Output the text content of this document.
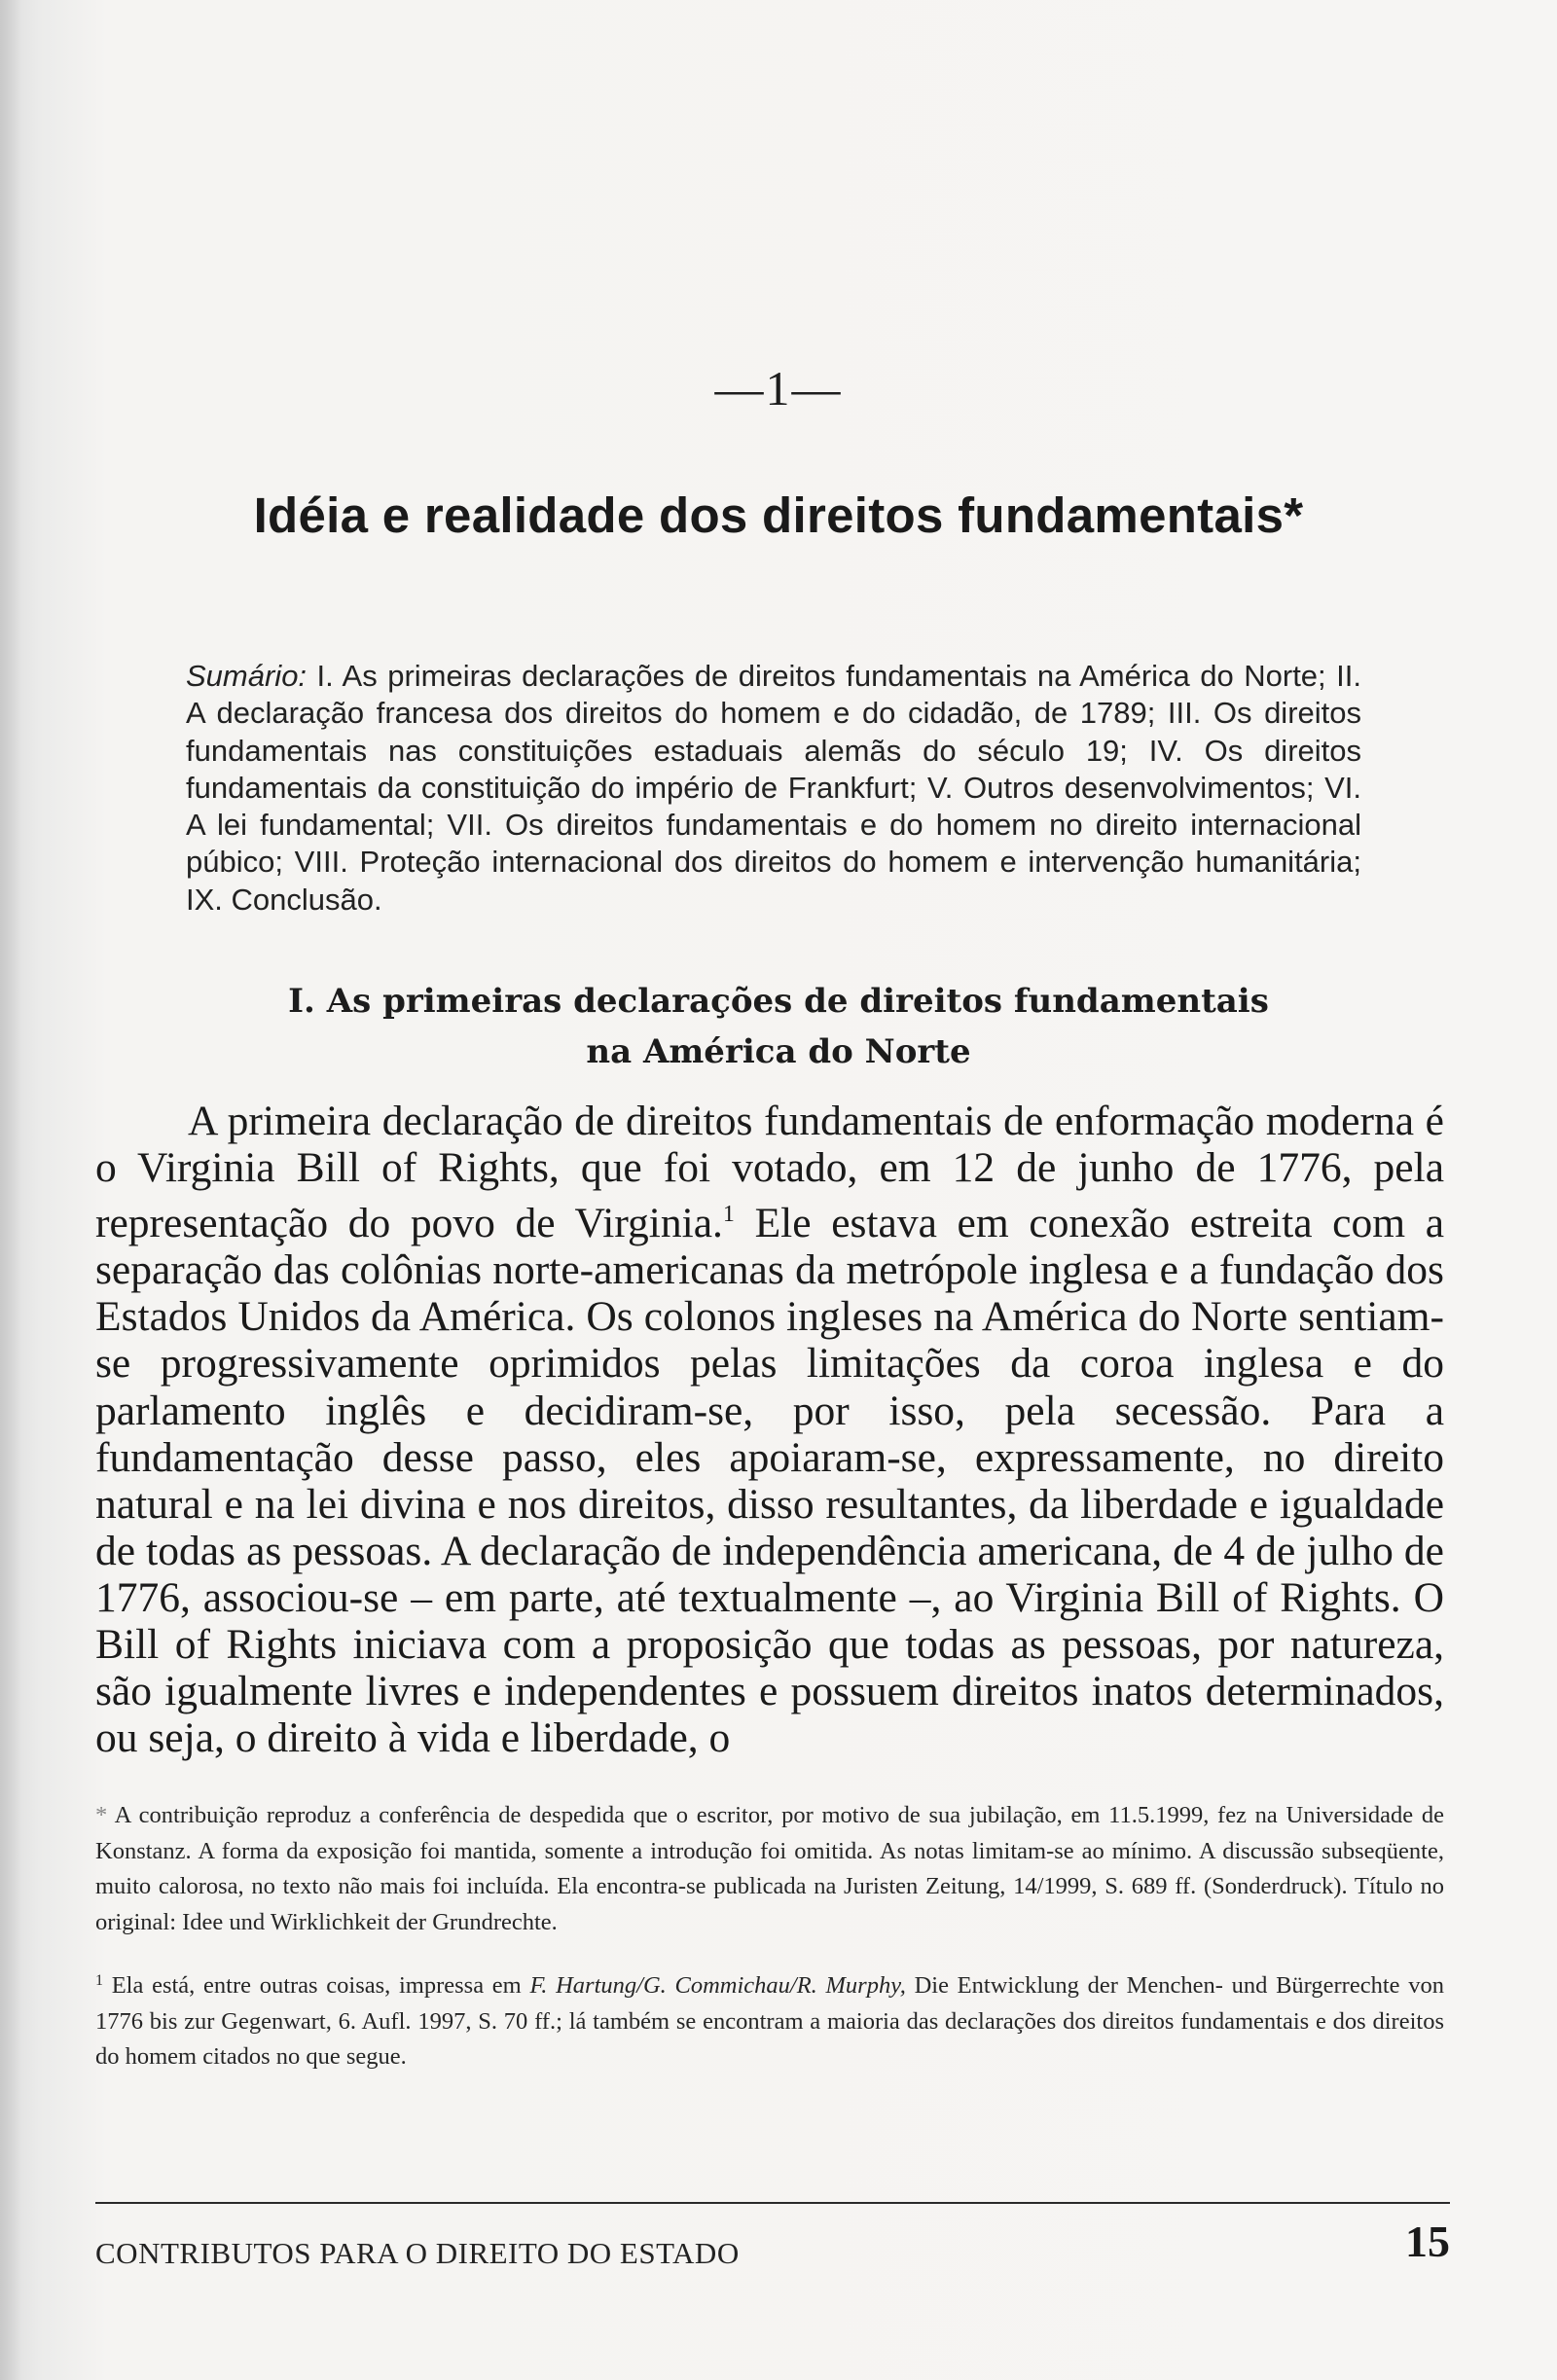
—1—
Idéia e realidade dos direitos fundamentais*
Sumário: I. As primeiras declarações de direitos fundamentais na América do Norte; II. A declaração francesa dos direitos do homem e do cidadão, de 1789; III. Os direitos fundamentais nas constituições estaduais alemãs do século 19; IV. Os direitos fundamentais da constituição do império de Frankfurt; V. Outros desenvolvimentos; VI. A lei fundamental; VII. Os direitos fundamentais e do homem no direito internacional púbico; VIII. Proteção internacional dos direitos do homem e intervenção humanitária; IX. Conclusão.
I. As primeiras declarações de direitos fundamentais
na América do Norte
A primeira declaração de direitos fundamentais de enformação moderna é o Virginia Bill of Rights, que foi votado, em 12 de junho de 1776, pela representação do povo de Virginia.$^1$ Ele estava em conexão estreita com a separação das colônias norte-americanas da metrópole inglesa e a fundação dos Estados Unidos da América. Os colonos ingleses na América do Norte sentiam-se progressivamente oprimidos pelas limitações da coroa inglesa e do parlamento inglês e decidiram-se, por isso, pela secessão. Para a fundamentação desse passo, eles apoiaram-se, expressamente, no direito natural e na lei divina e nos direitos, disso resultantes, da liberdade e igualdade de todas as pessoas. A declaração de independência americana, de 4 de julho de 1776, associou-se – em parte, até textualmente –, ao Virginia Bill of Rights. O Bill of Rights iniciava com a proposição que todas as pessoas, por natureza, são igualmente livres e independentes e possuem direitos inatos determinados, ou seja, o direito à vida e liberdade, o

* A contribuição reproduz a conferência de despedida que o escritor, por motivo de sua jubilação, em 11.5.1999, fez na Universidade de Konstanz. A forma da exposição foi mantida, somente a introdução foi omitida. As notas limitam-se ao mínimo. A discussão subseqüente, muito calorosa, no texto não mais foi incluída. Ela encontra-se publicada na Juristen Zeitung, 14/1999, S. 689 ff. (Sonderdruck). Título no original: Idee und Wirklichkeit der Grundrechte.

$^1$ Ela está, entre outras coisas, impressa em F. Hartung/G. Commichau/R. Murphy, Die Entwicklung der Menchen- und Bürgerrechte von 1776 bis zur Gegenwart, 6. Aufl. 1997, S. 70 ff.; lá também se encontram a maioria das declarações dos direitos fundamentais e dos direitos do homem citados no que segue.

CONTRIBUTOS PARA O DIREITO DO ESTADO	15
